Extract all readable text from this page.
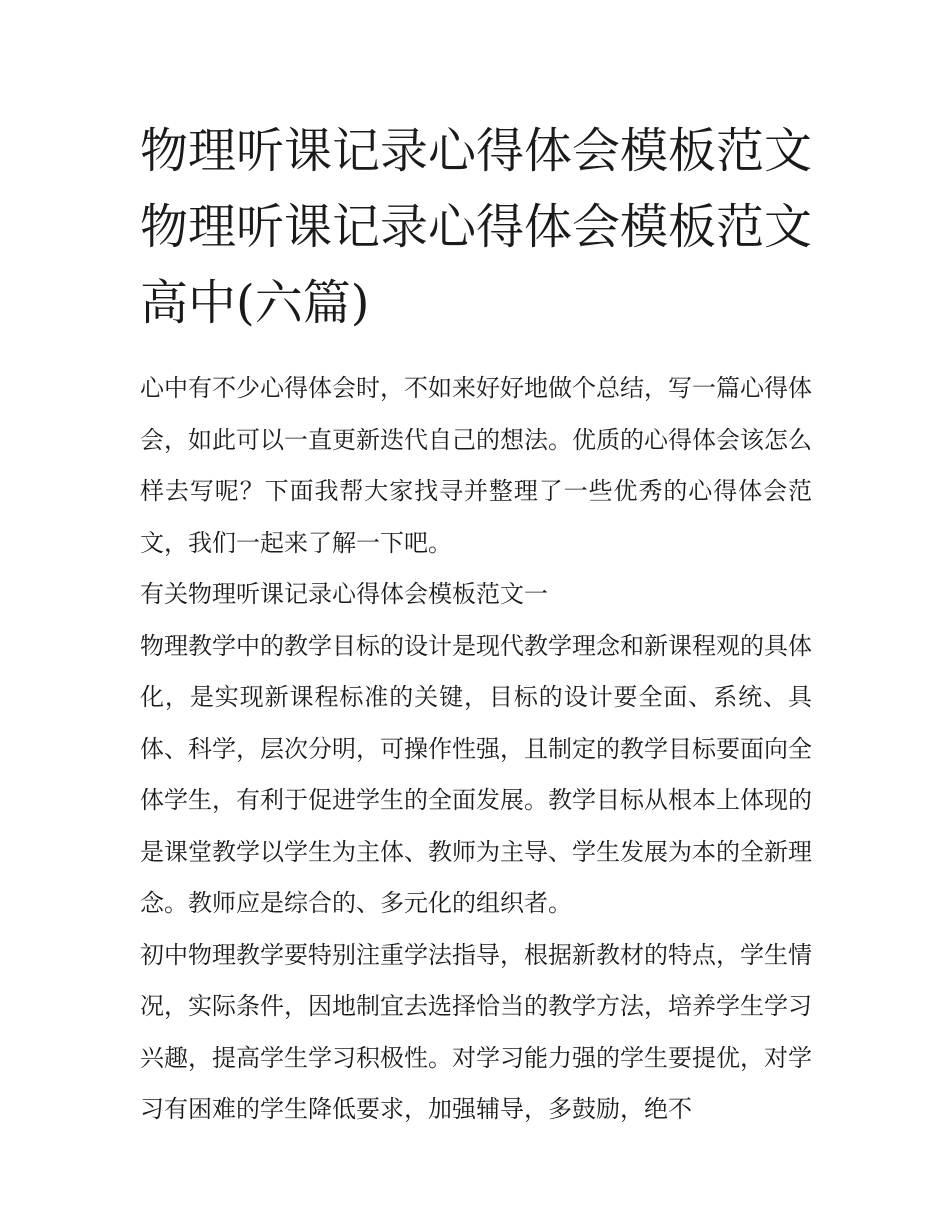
物理听课记录心得体会模板范文 物理听课记录心得体会模板范文高中(六篇)

心中有不少心得体会时，不如来好好地做个总结，写一篇心得体会，如此可以一直更新迭代自己的想法。优质的心得体会该怎么样去写呢？下面我帮大家找寻并整理了一些优秀的心得体会范文，我们一起来了解一下吧。

有关物理听课记录心得体会模板范文一

物理教学中的教学目标的设计是现代教学理念和新课程观的具体化，是实现新课程标准的关键，目标的设计要全面、系统、具体、科学，层次分明，可操作性强，且制定的教学目标要面向全体学生，有利于促进学生的全面发展。教学目标从根本上体现的是课堂教学以学生为主体、教师为主导、学生发展为本的全新理念。教师应是综合的、多元化的组织者。

初中物理教学要特别注重学法指导，根据新教材的特点，学生情况，实际条件，因地制宜去选择恰当的教学方法，培养学生学习兴趣，提高学生学习积极性。对学习能力强的学生要提优，对学习有困难的学生降低要求，加强辅导，多鼓励，绝不
